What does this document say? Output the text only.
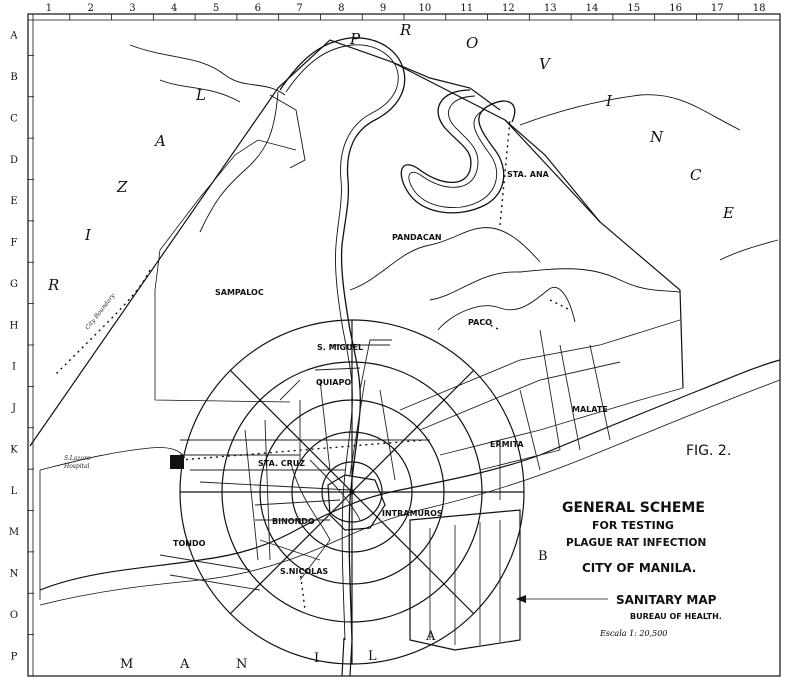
1	2	3	4	5	6	7	8	9	10	11	12	13	14	15	16	17	18
A
B
C
D
E
F
G
H
I
J
K
L
M
N
O
P
P	R
O
V
I
N
C
E
R
I
Z
A
L
STA. ANA
PANDACAN
SAMPALOC
PACO
S. MIGUEL
QUIAPO
MALATE
ERMITA
STA. CRUZ
INTRAMUROS
BINONDO
TONDO
S.NICOLAS
S.Lazaro
Hospital
City Boundary
M	A	N	I	L
A
B
FIG. 2.
GENERAL SCHEME
FOR TESTING
PLAGUE RAT INFECTION
CITY OF MANILA.
SANITARY MAP
BUREAU OF HEALTH.
Escala 1: 20,500
